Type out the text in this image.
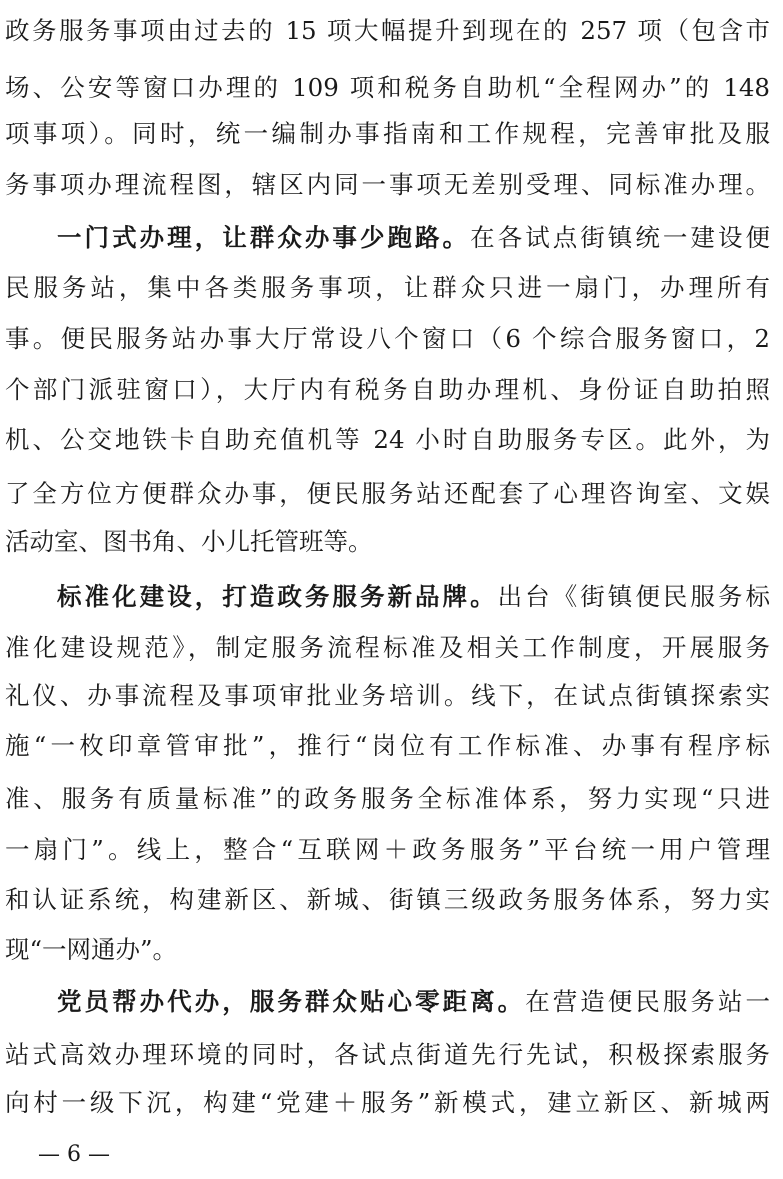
政务服务事项由过去的 15 项大幅提升到现在的 257 项（包含市
场、公安等窗口办理的 109 项和税务自助机“全程网办”的 148
项事项）。同时，统一编制办事指南和工作规程，完善审批及服
务事项办理流程图，辖区内同一事项无差别受理、同标准办理。
一门式办理，让群众办事少跑路。在各试点街镇统一建设便
民服务站，集中各类服务事项，让群众只进一扇门，办理所有
事。便民服务站办事大厅常设八个窗口（6 个综合服务窗口，2
个部门派驻窗口），大厅内有税务自助办理机、身份证自助拍照
机、公交地铁卡自助充值机等 24 小时自助服务专区。此外，为
了全方位方便群众办事，便民服务站还配套了心理咨询室、文娱
活动室、图书角、小儿托管班等。
标准化建设，打造政务服务新品牌。出台《街镇便民服务标
准化建设规范》，制定服务流程标准及相关工作制度，开展服务
礼仪、办事流程及事项审批业务培训。线下，在试点街镇探索实
施“一枚印章管审批”，推行“岗位有工作标准、办事有程序标
准、服务有质量标准”的政务服务全标准体系，努力实现“只进
一扇门”。线上，整合“互联网＋政务服务”平台统一用户管理
和认证系统，构建新区、新城、街镇三级政务服务体系，努力实
现“一网通办”。
党员帮办代办，服务群众贴心零距离。在营造便民服务站一
站式高效办理环境的同时，各试点街道先行先试，积极探索服务
向村一级下沉，构建“党建＋服务”新模式，建立新区、新城两
— 6 —
